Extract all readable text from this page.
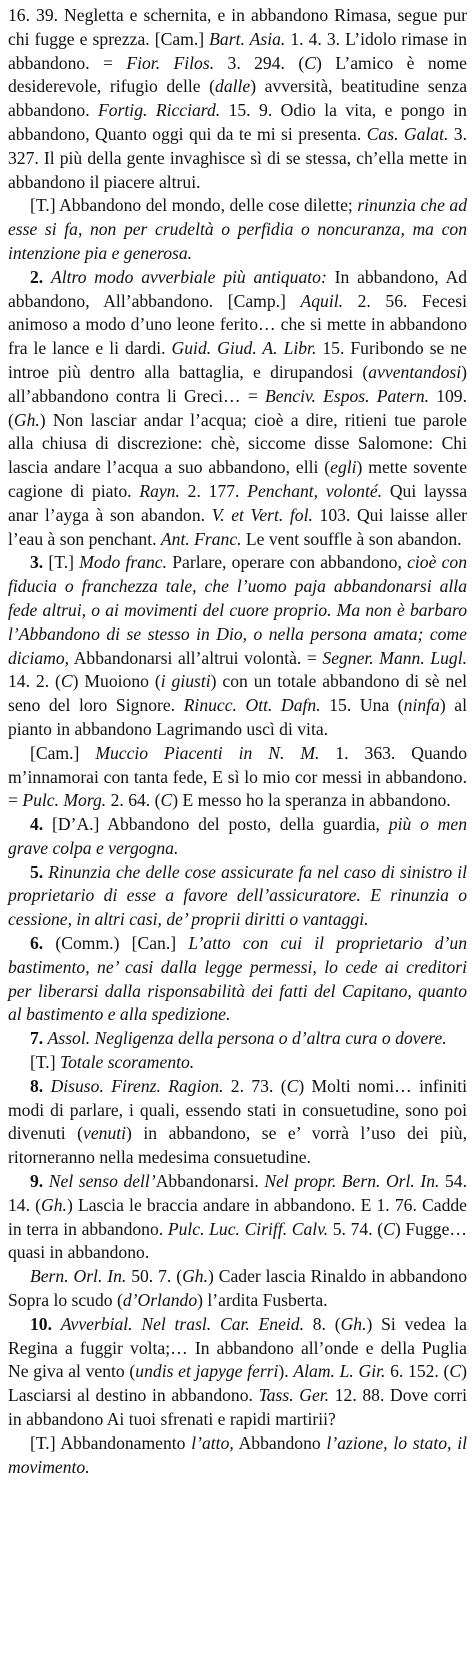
16. 39. Negletta e schernita, e in abbandono Rimasa, segue pur chi fugge e sprezza. [Cam.] Bart. Asia. 1. 4. 3. L’idolo rimase in abbandono. = Fior. Filos. 3. 294. (C) L’amico è nome desiderevole, rifugio delle (dalle) avversità, beatitudine senza abbandono. Fortig. Ricciard. 15. 9. Odio la vita, e pongo in abbandono, Quanto oggi qui da te mi si presenta. Cas. Galat. 3. 327. Il più della gente invaghisce sì di se stessa, ch’ella mette in abbandono il piacere altrui.

[T.] Abbandono del mondo, delle cose dilette; rinunzia che ad esse si fa, non per crudeltà o perfidia o noncuranza, ma con intenzione pia e generosa.

2. Altro modo avverbiale più antiquato: In abbandono, Ad abbandono, All’abbandono. [Camp.] Aquil. 2. 56. Fecesi animoso a modo d’uno leone ferito… che si mette in abbandono fra le lance e li dardi. Guid. Giud. A. Libr. 15. Furibondo se ne introe più dentro alla battaglia, e dirupandosi (avventandosi) all’abbandono contra li Greci… = Benciv. Espos. Patern. 109. (Gh.) Non lasciar andar l’acqua; cioè a dire, ritieni tue parole alla chiusa di discrezione: chè, siccome disse Salomone: Chi lascia andare l’acqua a suo abbandono, elli (egli) mette sovente cagione di piato. Rayn. 2. 177. Penchant, volonté. Qui layssa anar l’ayga à son abandon. V. et Vert. fol. 103. Qui laisse aller l’eau à son penchant. Ant. Franc. Le vent souffle à son abandon.

3. [T.] Modo franc. Parlare, operare con abbandono, cioè con fiducia o franchezza tale, che l’uomo paja abbandonarsi alla fede altrui, o ai movimenti del cuore proprio. Ma non è barbaro l’Abbandono di se stesso in Dio, o nella persona amata; come diciamo, Abbandonarsi all’altrui volontà. = Segner. Mann. Lugl. 14. 2. (C) Muoiono (i giusti) con un totale abbandono di sè nel seno del loro Signore. Rinucc. Ott. Dafn. 15. Una (ninfa) al pianto in abbandono Lagrimando uscì di vita.

[Cam.] Muccio Piacenti in N. M. 1. 363. Quando m’innamorai con tanta fede, E sì lo mio cor messi in abbandono. = Pulc. Morg. 2. 64. (C) E messo ho la speranza in abbandono.

4. [D’A.] Abbandono del posto, della guardia, più o men grave colpa e vergogna.

5. Rinunzia che delle cose assicurate fa nel caso di sinistro il proprietario di esse a favore dell’assicuratore. E rinunzia o cessione, in altri casi, de’ proprii diritti o vantaggi.

6. (Comm.) [Can.] L’atto con cui il proprietario d’un bastimento, ne’ casi dalla legge permessi, lo cede ai creditori per liberarsi dalla risponsabilità dei fatti del Capitano, quanto al bastimento e alla spedizione.

7. Assol. Negligenza della persona o d’altra cura o dovere.

[T.] Totale scoramento.

8. Disuso. Firenz. Ragion. 2. 73. (C) Molti nomi… infiniti modi di parlare, i quali, essendo stati in consuetudine, sono poi divenuti (venuti) in abbandono, se e’ vorrà l’uso dei più, ritorneranno nella medesima consuetudine.

9. Nel senso dell’Abbandonarsi. Nel propr. Bern. Orl. In. 54. 14. (Gh.) Lascia le braccia andare in abbandono. E 1. 76. Cadde in terra in abbandono. Pulc. Luc. Ciriff. Calv. 5. 74. (C) Fugge… quasi in abbandono.

Bern. Orl. In. 50. 7. (Gh.) Cader lascia Rinaldo in abbandono Sopra lo scudo (d’Orlando) l’ardita Fusberta.

10. Avverbial. Nel trasl. Car. Eneid. 8. (Gh.) Si vedea la Regina a fuggir volta;… In abbandono all’onde e della Puglia Ne giva al vento (undis et japyge ferri). Alam. L. Gir. 6. 152. (C) Lasciarsi al destino in abbandono. Tass. Ger. 12. 88. Dove corri in abbandono Ai tuoi sfrenati e rapidi martirii?

[T.] Abbandonamento l’atto, Abbandono l’azione, lo stato, il movimento.
